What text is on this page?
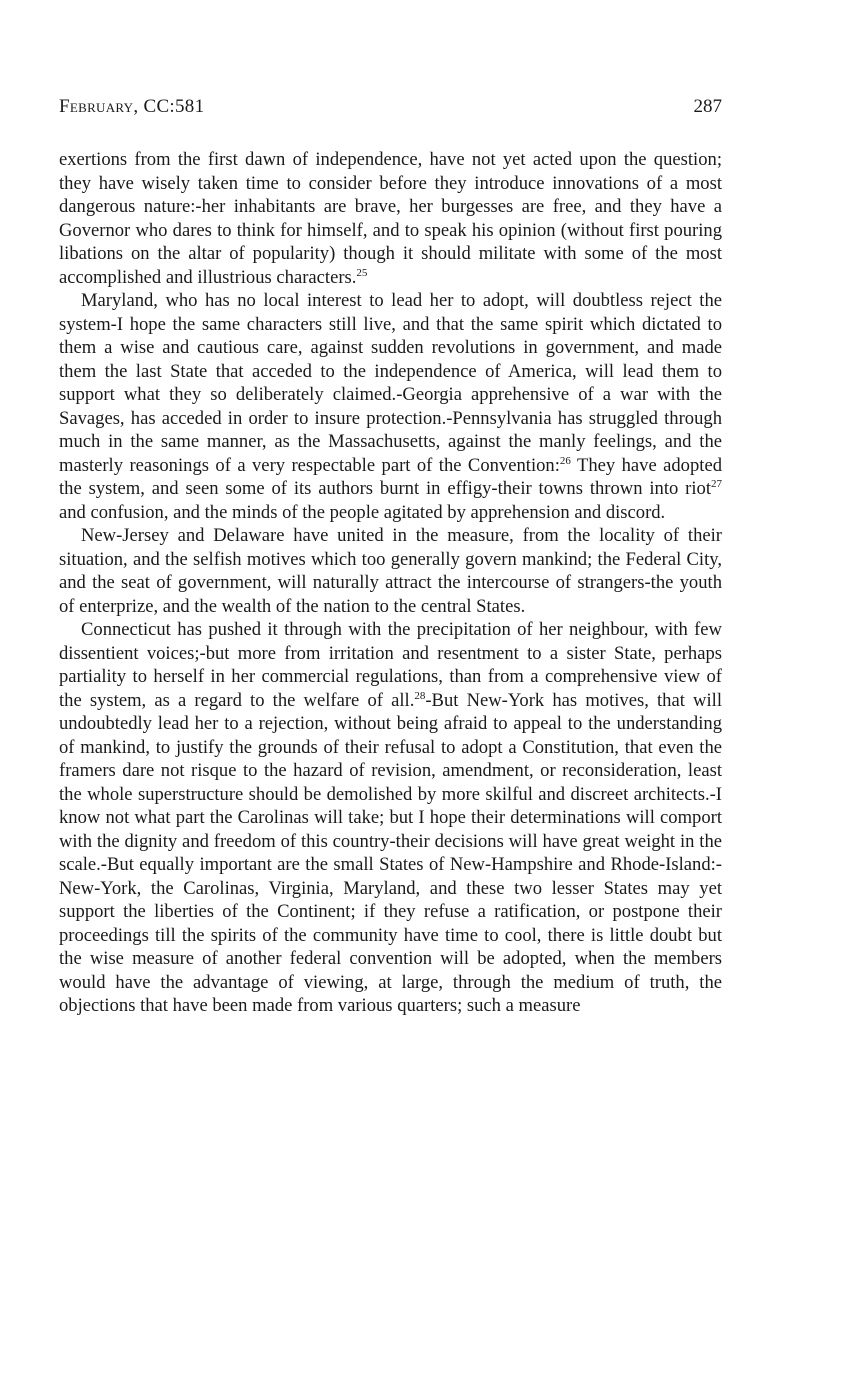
February, CC:581	287

exertions from the first dawn of independence, have not yet acted upon the question; they have wisely taken time to consider before they introduce innovations of a most dangerous nature:-her inhabitants are brave, her burgesses are free, and they have a Governor who dares to think for himself, and to speak his opinion (without first pouring libations on the altar of popularity) though it should militate with some of the most accomplished and illustrious characters.$^{25}$

Maryland, who has no local interest to lead her to adopt, will doubtless reject the system-I hope the same characters still live, and that the same spirit which dictated to them a wise and cautious care, against sudden revolutions in government, and made them the last State that acceded to the independence of America, will lead them to support what they so deliberately claimed.-Georgia apprehensive of a war with the Savages, has acceded in order to insure protection.-Pennsylvania has struggled through much in the same manner, as the Massachusetts, against the manly feelings, and the masterly reasonings of a very respectable part of the Convention:$^{26}$ They have adopted the system, and seen some of its authors burnt in effigy-their towns thrown into riot$^{27}$ and confusion, and the minds of the people agitated by apprehension and discord.

New-Jersey and Delaware have united in the measure, from the locality of their situation, and the selfish motives which too generally govern mankind; the Federal City, and the seat of government, will naturally attract the intercourse of strangers-the youth of enterprize, and the wealth of the nation to the central States.

Connecticut has pushed it through with the precipitation of her neighbour, with few dissentient voices;-but more from irritation and resentment to a sister State, perhaps partiality to herself in her commercial regulations, than from a comprehensive view of the system, as a regard to the welfare of all.$^{28}$-But New-York has motives, that will undoubtedly lead her to a rejection, without being afraid to appeal to the understanding of mankind, to justify the grounds of their refusal to adopt a Constitution, that even the framers dare not risque to the hazard of revision, amendment, or reconsideration, least the whole superstructure should be demolished by more skilful and discreet architects.-I know not what part the Carolinas will take; but I hope their determinations will comport with the dignity and freedom of this country-their decisions will have great weight in the scale.-But equally important are the small States of New-Hampshire and Rhode-Island:-New-York, the Carolinas, Virginia, Maryland, and these two lesser States may yet support the liberties of the Continent; if they refuse a ratification, or postpone their proceedings till the spirits of the community have time to cool, there is little doubt but the wise measure of another federal convention will be adopted, when the members would have the advantage of viewing, at large, through the medium of truth, the objections that have been made from various quarters; such a measure
